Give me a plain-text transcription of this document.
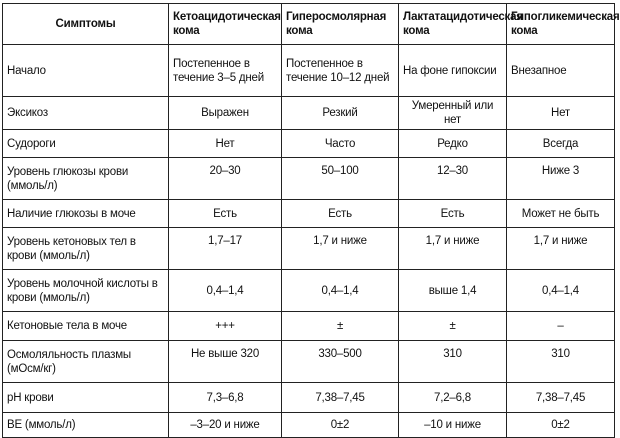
Симптомы	Кетоацидотическая кома	Гиперосмолярная кома	Лактатацидотическая кома	Гипогликемическая кома
Начало	Постепенное в течение 3–5 дней	Постепенное в течение 10–12 дней	На фоне гипоксии	Внезапное
Эксикоз	Выражен	Резкий	Умеренный или нет	Нет
Судороги	Нет	Часто	Редко	Всегда
Уровень глюкозы крови (ммоль/л)	20–30	50–100	12–30	Ниже 3
Наличие глюкозы в моче	Есть	Есть	Есть	Может не быть
Уровень кетоновых тел в крови (ммоль/л)	1,7–17	1,7 и ниже	1,7 и ниже	1,7 и ниже
Уровень молочной кислоты в крови (ммоль/л)	0,4–1,4	0,4–1,4	выше 1,4	0,4–1,4
Кетоновые тела в моче	+++	±	±	–
Осмоляльность плазмы (мОсм/кг)	Не выше 320	330–500	310	310
pH крови	7,3–6,8	7,38–7,45	7,2–6,8	7,38–7,45
BE (ммоль/л)	–3–20 и ниже	0±2	–10 и ниже	0±2
